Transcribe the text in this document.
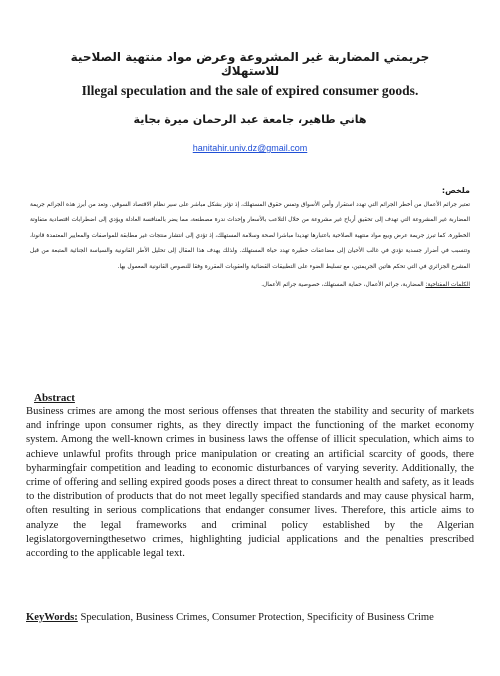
جريمتي المضاربة غير المشروعة وعرض مواد منتهية الصلاحية للاستهلاك
Illegal speculation and the sale of expired consumer goods.
هاني طاهير، جامعة عبد الرحمان ميرة بجاية
hanitahir.univ.dz@gmail.com

ملخص:

تعتبر جرائم الأعمال من أخطر الجرائم التي تهدد استقرار وأمن الأسواق وتمس حقوق المستهلك، إذ تؤثر بشكل مباشر على سير نظام الاقتصاد السوقي. وتعد من أبرز هذه الجرائم جريمة المضاربة غير المشروعة التي تهدف إلى تحقيق أرباح غير مشروعة من خلال التلاعب بالأسعار وإحداث ندرة مصطنعة، مما يضر بالمنافسة العادلة ويؤدي إلى اضطرابات اقتصادية متفاوتة الخطورة. كما تبرز جريمة عرض وبيع مواد منتهية الصلاحية باعتبارها تهديدا مباشرا لصحة وسلامة المستهلك، إذ تؤدي إلى انتشار منتجات غير مطابقة للمواصفات والمعايير المعتمدة قانونا، وتتسبب في أضرار جسدية تؤدي في غالب الأحيان إلى مضاعفات خطيرة تهدد حياة المستهلك. ولذلك يهدف هذا المقال إلى تحليل الأطر القانونية والسياسة الجنائية المتبعة من قبل المشرع الجزائري في التي تحكم هاتين الجريمتين، مع تسليط الضوء على التطبيقات القضائية والعقوبات المقررة وفقا للنصوص القانونية المعمول بها.

الكلمات المفتاحية: المضاربة، جرائم الأعمال، حماية المستهلك، خصوصية جرائم الأعمال.

Abstract

Business crimes are among the most serious offenses that threaten the stability and security of markets and infringe upon consumer rights, as they directly impact the functioning of the market economy system. Among the well-known crimes in business laws the offense of illicit speculation, which aims to achieve unlawful profits through price manipulation or creating an artificial scarcity of goods, there byharmingfair competition and leading to economic disturbances of varying severity. Additionally, the crime of offering and selling expired goods poses a direct threat to consumer health and safety, as it leads to the distribution of products that do not meet legally specified standards and may cause physical harm, often resulting in serious complications that endanger consumer lives. Therefore, this article aims to analyze the legal frameworks and criminal policy established by the Algerian legislatorgoverningthesetwo crimes, highlighting judicial applications and the penalties prescribed according to the applicable legal text.

KeyWords: Speculation, Business Crimes, Consumer Protection, Specificity of Business Crime
